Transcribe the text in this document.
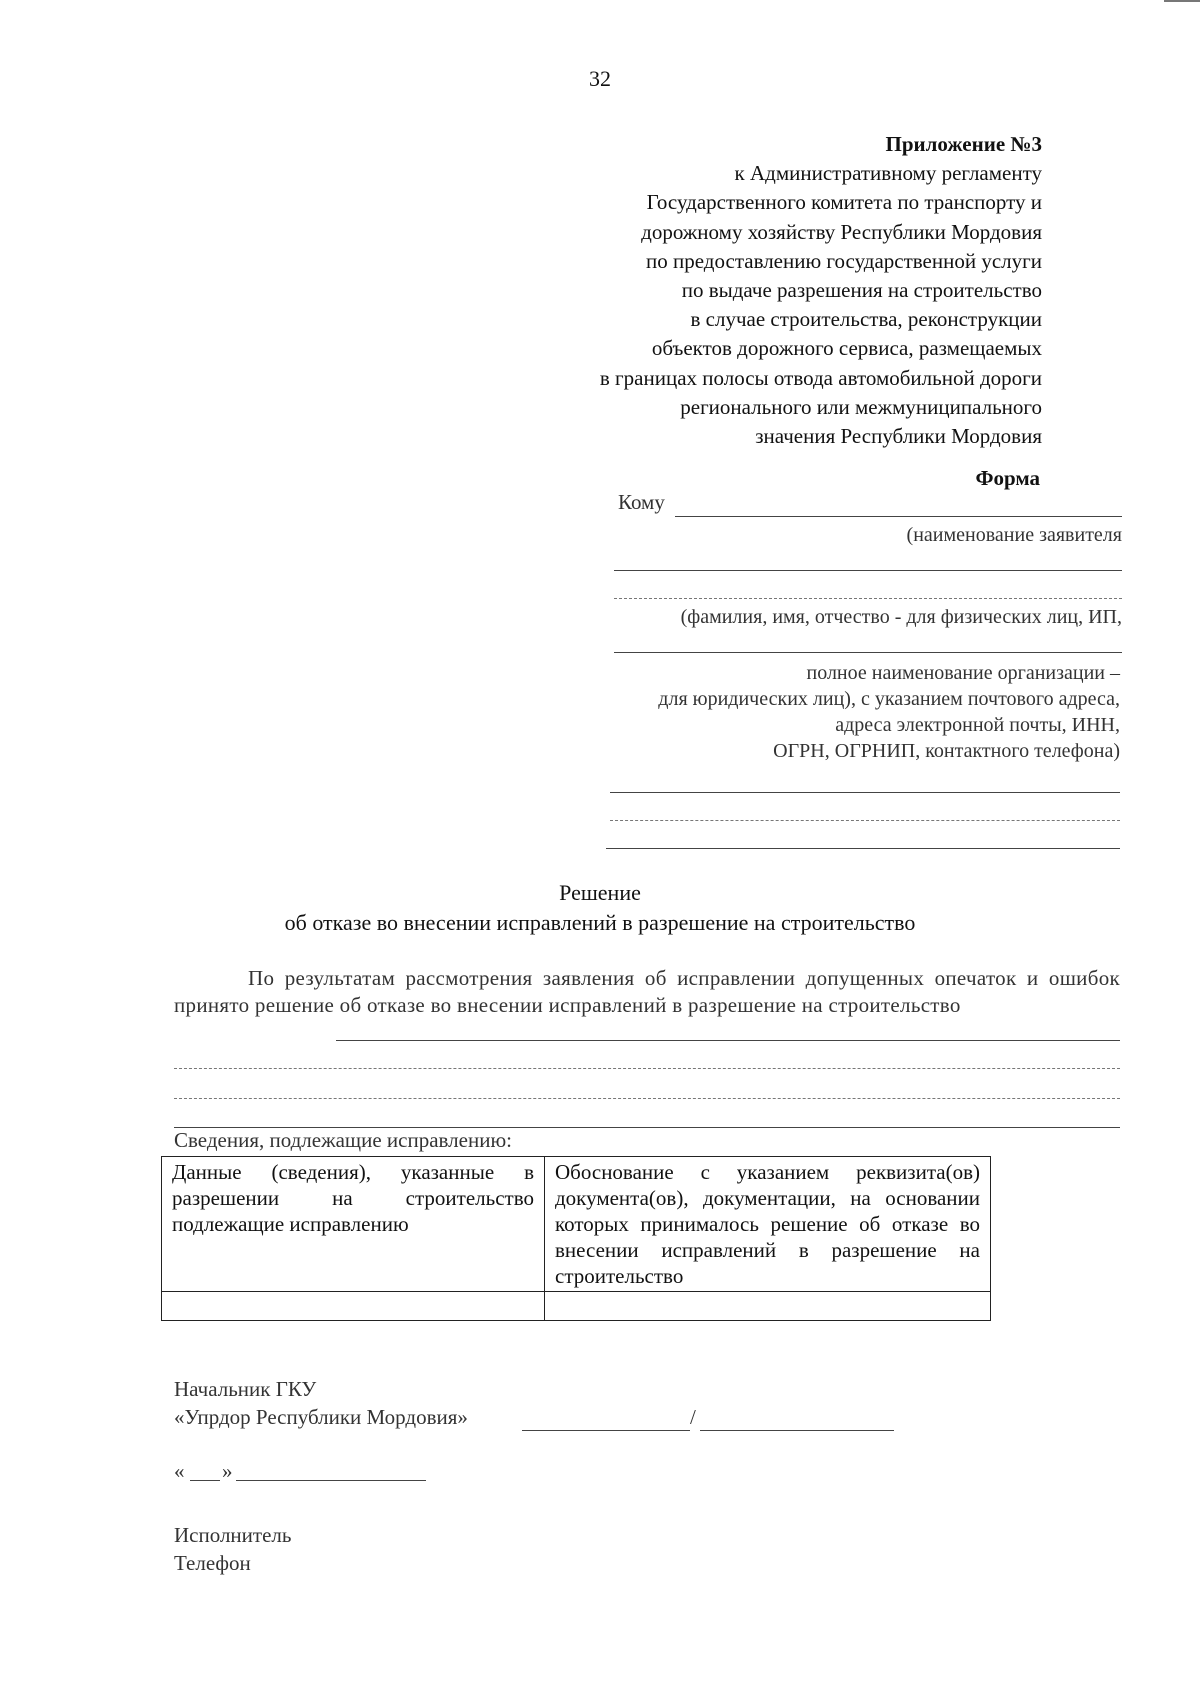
32
Приложение №3
к Административному регламенту
Государственного комитета по транспорту и
дорожному хозяйству Республики Мордовия
по предоставлению государственной услуги
по выдаче разрешения на строительство
в случае строительства, реконструкции
объектов дорожного сервиса, размещаемых
в границах полосы отвода автомобильной дороги
регионального или межмуниципального
значения Республики Мордовия
Форма
Кому
(наименование заявителя
(фамилия, имя, отчество - для физических лиц, ИП,
полное наименование организации –
для юридических лиц), с указанием почтового адреса,
адреса электронной почты, ИНН,
ОГРН, ОГРНИП, контактного телефона)
Решение
об отказе во внесении исправлений в разрешение на строительство
По результатам рассмотрения заявления об исправлении допущенных опечаток и ошибок принято решение об отказе во внесении исправлений в разрешение на строительство
Сведения, подлежащие исправлению:
Данные (сведения), указанные в разрешении на строительство подлежащие исправлению	Обоснование с указанием реквизита(ов) документа(ов), документации, на основании которых принималось решение об отказе во внесении исправлений в разрешение на строительство

Начальник ГКУ
«Упрдор Республики Мордовия»	/
« »
Исполнитель
Телефон
